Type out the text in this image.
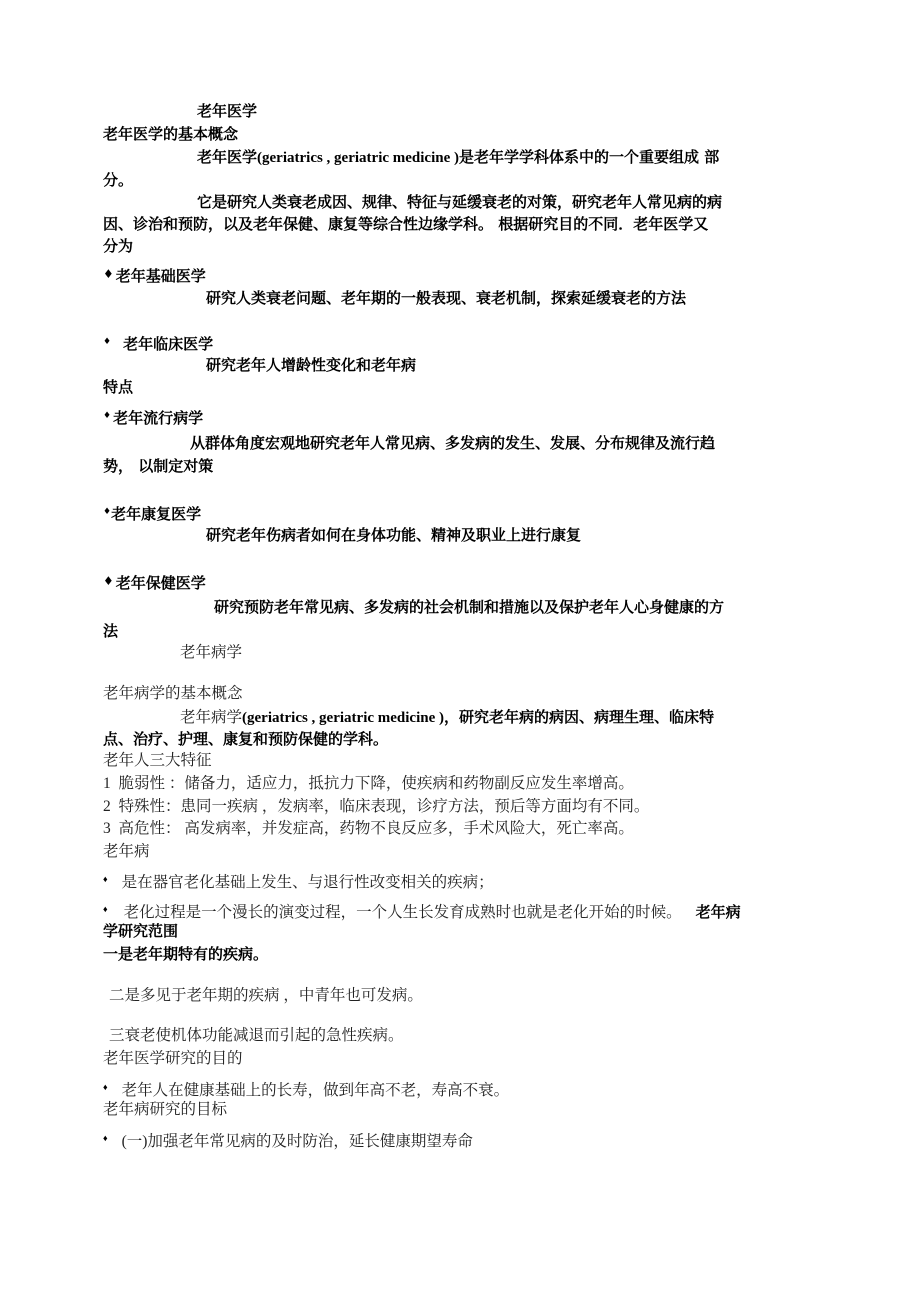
老年医学
老年医学的基本概念
老年医学(geriatrics , geriatric medicine )是老年学学科体系中的一个重要组成 部
分。
它是研究人类衰老成因、规律、特征与延缓衰老的对策，研究老年人常见病的病
因、诊治和预防，以及老年保健、康复等综合性边缘学科。 根据研究目的不同．老年医学又
分为
♦ 老年基础医学
研究人类衰老问题、老年期的一般表现、衰老机制，探索延缓衰老的方法
♦ 老年临床医学
研究老年人增龄性变化和老年病
特点
♦ 老年流行病学
从群体角度宏观地研究老年人常见病、多发病的发生、发展、分布规律及流行趋
势， 以制定对策
♦老年康复医学
研究老年伤病者如何在身体功能、精神及职业上进行康复
♦ 老年保健医学
研究预防老年常见病、多发病的社会机制和措施以及保护老年人心身健康的方
法
老年病学
老年病学的基本概念
老年病学(geriatrics , geriatric medicine )，研究老年病的病因、病理生理、临床特
点、治疗、护理、康复和预防保健的学科。
老年人三大特征
1 脆弱性 ：储备力，适应力，抵抗力下降，使疾病和药物副反应发生率增高。
2 特殊性：患同一疾病 ，发病率，临床表现，诊疗方法，预后等方面均有不同。
3 高危性： 高发病率，并发症高，药物不良反应多，手术风险大，死亡率高。
老年病
♦ 是在器官老化基础上发生、与退行性改变相关的疾病；
♦ 老化过程是一个漫长的演变过程，一个人生长发育成熟时也就是老化开始的时候。 老年病
学研究范围
一是老年期特有的疾病。
二是多见于老年期的疾病 ，中青年也可发病。
三衰老使机体功能减退而引起的急性疾病。
老年医学研究的目的
♦ 老年人在健康基础上的长寿，做到年高不老，寿高不衰。
老年病研究的目标
♦ (一)加强老年常见病的及时防治，延长健康期望寿命
